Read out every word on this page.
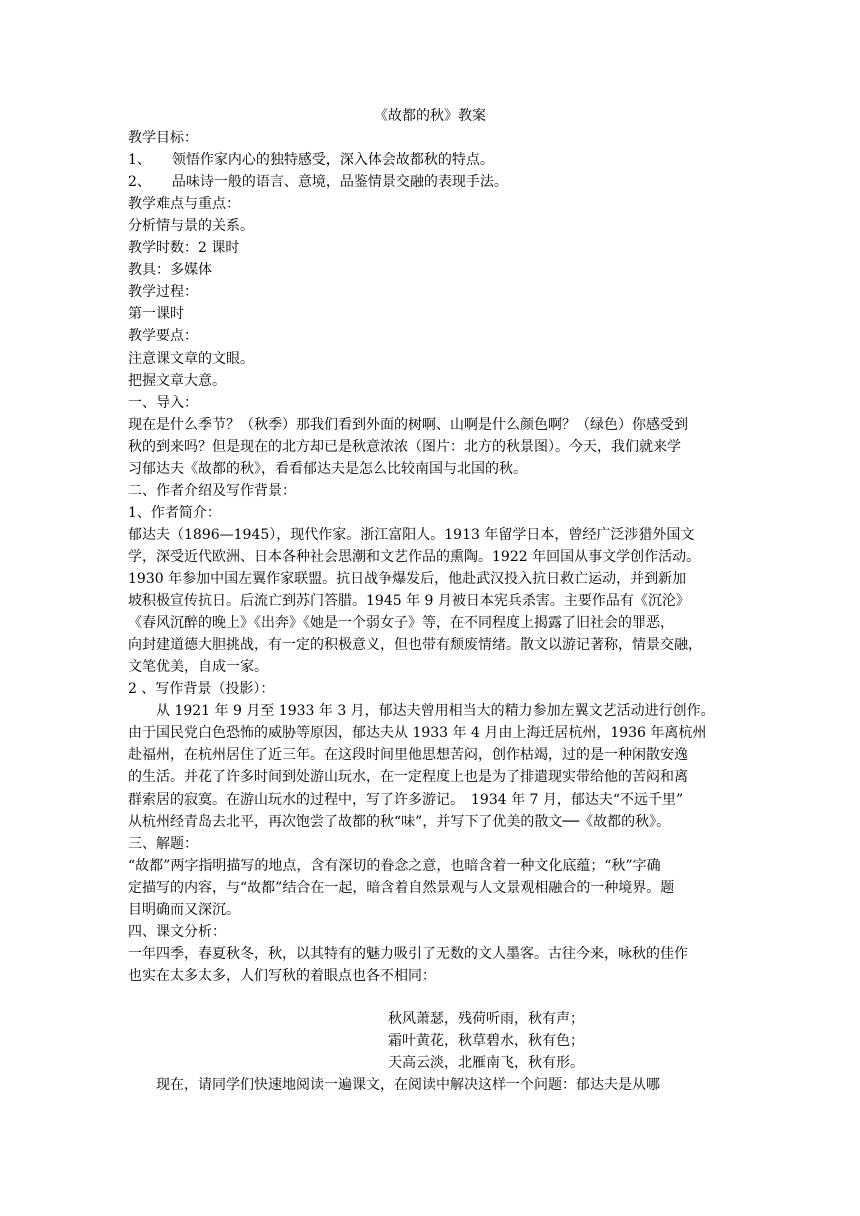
《故都的秋》教案
教学目标：
1、　　领悟作家内心的独特感受，深入体会故都秋的特点。
2、　　品味诗一般的语言、意境，品鉴情景交融的表现手法。
教学难点与重点：
分析情与景的关系。
教学时数：2 课时
教具：多媒体
教学过程：
第一课时
教学要点：
注意课文章的文眼。
把握文章大意。
一、导入：
现在是什么季节？（秋季）那我们看到外面的树啊、山啊是什么颜色啊？（绿色）你感受到
秋的到来吗？但是现在的北方却已是秋意浓浓（图片：北方的秋景图）。今天，我们就来学
习郁达夫《故都的秋》，看看郁达夫是怎么比较南国与北国的秋。
二、作者介绍及写作背景：
1、作者简介：
郁达夫（1896—1945），现代作家。浙江富阳人。1913 年留学日本，曾经广泛涉猎外国文
学，深受近代欧洲、日本各种社会思潮和文艺作品的熏陶。1922 年回国从事文学创作活动。
1930 年参加中国左翼作家联盟。抗日战争爆发后，他赴武汉投入抗日救亡运动，并到新加
坡积极宣传抗日。后流亡到苏门答腊。1945 年 9 月被日本宪兵杀害。主要作品有《沉沦》
《春风沉醉的晚上》《出奔》《她是一个弱女子》等，在不同程度上揭露了旧社会的罪恶，
向封建道德大胆挑战，有一定的积极意义，但也带有颓废情绪。散文以游记著称，情景交融，
文笔优美，自成一家。
2 、写作背景（投影）：
　　从 1921 年 9 月至 1933 年 3 月，郁达夫曾用相当大的精力参加左翼文艺活动进行创作。
由于国民党白色恐怖的威胁等原因，郁达夫从 1933 年 4 月由上海迁居杭州，1936 年离杭州
赴福州，在杭州居住了近三年。在这段时间里他思想苦闷，创作枯竭，过的是一种闲散安逸
的生活。并花了许多时间到处游山玩水，在一定程度上也是为了排遣现实带给他的苦闷和离
群索居的寂寞。在游山玩水的过程中，写了许多游记。　1934 年 7 月，郁达夫“不远千里”
从杭州经青岛去北平，再次饱尝了故都的秋“味”，并写下了优美的散文──《故都的秋》。
三、解题：
“故都”两字指明描写的地点，含有深切的眷念之意，也暗含着一种文化底蕴；“秋”字确
定描写的内容，与“故都”结合在一起，暗含着自然景观与人文景观相融合的一种境界。题
目明确而又深沉。
四、课文分析：
一年四季，春夏秋冬，秋，以其特有的魅力吸引了无数的文人墨客。古往今来，咏秋的佳作
也实在太多太多，人们写秋的着眼点也各不相同：
秋风萧瑟，残荷听雨，秋有声；
霜叶黄花，秋草碧水，秋有色；
天高云淡，北雁南飞，秋有形。
　　现在，请同学们快速地阅读一遍课文，在阅读中解决这样一个问题：郁达夫是从哪
